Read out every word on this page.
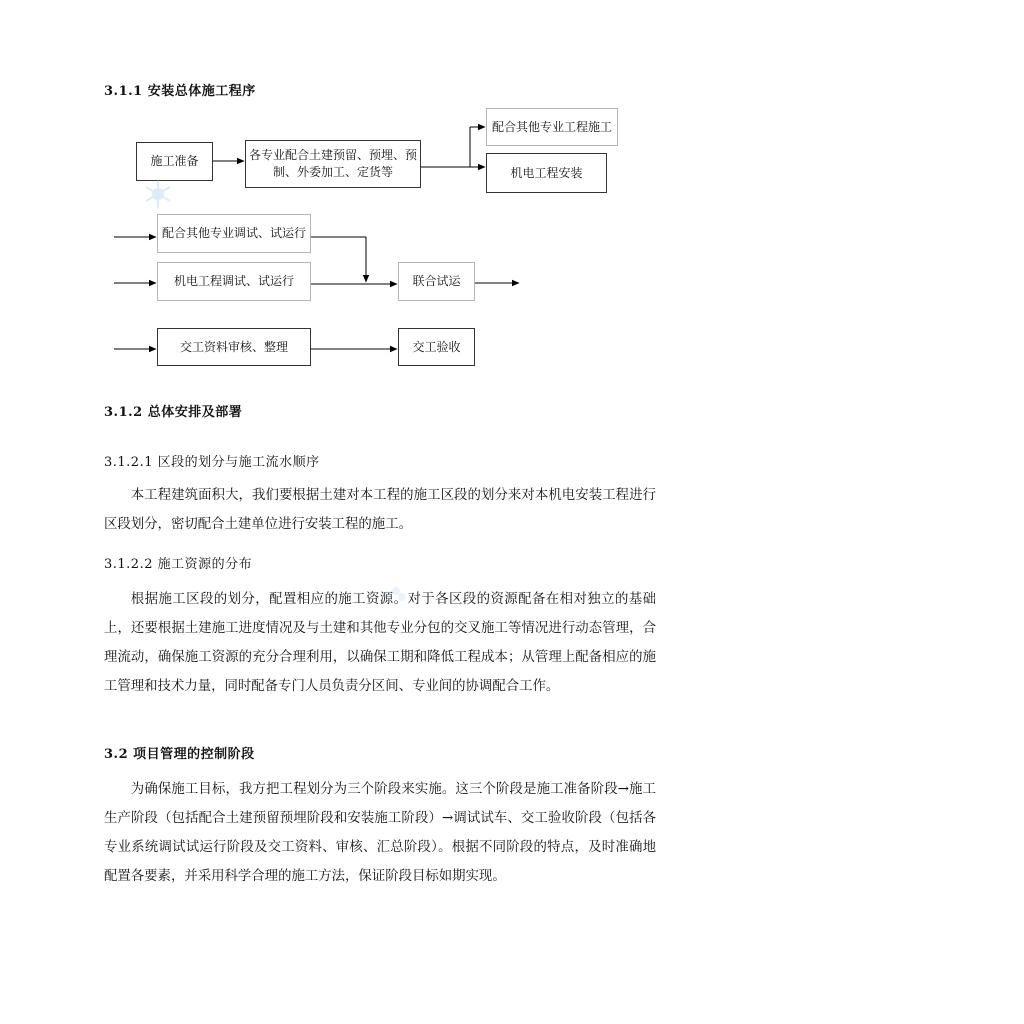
3.1.1 安装总体施工程序
施工准备	各专业配合土建预留、预埋、预
制、外委加工、定货等
配合其他专业工程施工
机电工程安装
配合其他专业调试、试运行
机电工程调试、试运行	联合试运
交工资料审核、整理	交工验收
3.1.2 总体安排及部署
3.1.2.1 区段的划分与施工流水顺序

本工程建筑面积大，我们要根据土建对本工程的施工区段的划分来对本机电安装工程进行区段划分，密切配合土建单位进行安装工程的施工。

3.1.2.2 施工资源的分布

根据施工区段的划分，配置相应的施工资源。对于各区段的资源配备在相对独立的基础上，还要根据土建施工进度情况及与土建和其他专业分包的交叉施工等情况进行动态管理，合理流动，确保施工资源的充分合理利用，以确保工期和降低工程成本；从管理上配备相应的施工管理和技术力量，同时配备专门人员负责分区间、专业间的协调配合工作。

3.2 项目管理的控制阶段

为确保施工目标，我方把工程划分为三个阶段来实施。这三个阶段是施工准备阶段→施工生产阶段（包括配合土建预留预埋阶段和安装施工阶段）→调试试车、交工验收阶段（包括各专业系统调试试运行阶段及交工资料、审核、汇总阶段）。根据不同阶段的特点，及时准确地配置各要素，并采用科学合理的施工方法，保证阶段目标如期实现。
